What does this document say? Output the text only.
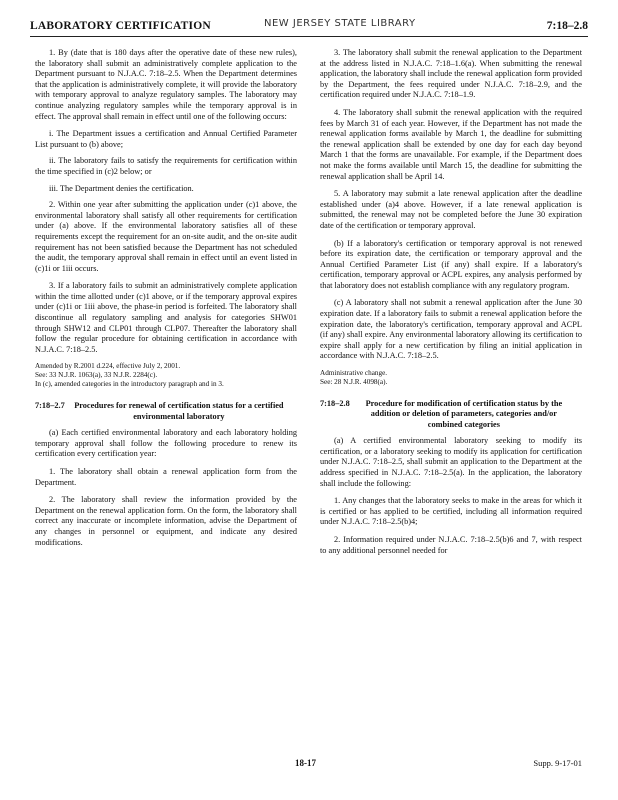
LABORATORY CERTIFICATION	NEW JERSEY STATE LIBRARY	7:18–2.8

1. By (date that is 180 days after the operative date of these new rules), the laboratory shall submit an administratively complete application to the Department pursuant to N.J.A.C. 7:18–2.5. When the Department determines that the application is administratively complete, it will provide the laboratory with temporary approval to analyze regulatory samples. The laboratory may continue analyzing regulatory samples while the temporary approval is in effect. The approval shall remain in effect until one of the following occurs:

i. The Department issues a certification and Annual Certified Parameter List pursuant to (b) above;

ii. The laboratory fails to satisfy the requirements for certification within the time specified in (c)2 below; or

iii. The Department denies the certification.

2. Within one year after submitting the application under (c)1 above, the environmental laboratory shall satisfy all other requirements for certification under (a) above. If the environmental laboratory satisfies all of these requirements except the requirement for an on-site audit, and the on-site audit requirement has not been satisfied because the Department has not scheduled the audit, the temporary approval shall remain in effect until an event listed in (c)1i or 1iii occurs.

3. If a laboratory fails to submit an administratively complete application within the time allotted under (c)1 above, or if the temporary approval expires under (c)1i or 1iii above, the phase-in period is forfeited. The laboratory shall discontinue all regulatory sampling and analysis for categories SHW01 through SHW12 and CLP01 through CLP07. Thereafter the laboratory shall follow the regular procedure for obtaining certification in accordance with N.J.A.C. 7:18–2.5.

Amended by R.2001 d.224, effective July 2, 2001.
See: 33 N.J.R. 1063(a), 33 N.J.R. 2284(c).
In (c), amended categories in the introductory paragraph and in 3.
7:18–2.7	Procedures for renewal of certification status for a certified environmental laboratory

(a) Each certified environmental laboratory and each laboratory holding temporary approval shall follow the following procedure to renew its certification every certification year:

1. The laboratory shall obtain a renewal application form from the Department.

2. The laboratory shall review the information provided by the Department on the renewal application form. On the form, the laboratory shall correct any inaccurate or incomplete information, advise the Department of any changes in personnel or equipment, and indicate any desired modifications.

3. The laboratory shall submit the renewal application to the Department at the address listed in N.J.A.C. 7:18–1.6(a). When submitting the renewal application, the laboratory shall include the renewal application form provided by the Department, the fees required under N.J.A.C. 7:18–2.9, and the certification required under N.J.A.C. 7:18–1.9.

4. The laboratory shall submit the renewal application with the required fees by March 31 of each year. However, if the Department has not made the renewal application forms available by March 1, the deadline for submitting the renewal application shall be extended by one day for each day beyond March 1 that the forms are unavailable. For example, if the Department does not make the forms available until March 15, the deadline for submitting the renewal application shall be April 14.

5. A laboratory may submit a late renewal application after the deadline established under (a)4 above. However, if a late renewal application is submitted, the renewal may not be completed before the June 30 expiration date of the certification or temporary approval.

(b) If a laboratory's certification or temporary approval is not renewed before its expiration date, the certification or temporary approval and the Annual Certified Parameter List (if any) shall expire. If a laboratory's certification, temporary approval or ACPL expires, any analysis performed by that laboratory does not establish compliance with any regulatory program.

(c) A laboratory shall not submit a renewal application after the June 30 expiration date. If a laboratory fails to submit a renewal application before the expiration date, the laboratory's certification, temporary approval and ACPL (if any) shall expire. Any environmental laboratory allowing its certification to expire shall apply for a new certification by filing an initial application in accordance with N.J.A.C. 7:18–2.5.

Administrative change.
See: 28 N.J.R. 4098(a).
7:18–2.8	Procedure for modification of certification status by the addition or deletion of parameters, categories and/or combined categories

(a) A certified environmental laboratory seeking to modify its certification, or a laboratory seeking to modify its application for certification under N.J.A.C. 7:18–2.5, shall submit an application to the Department at the address specified in N.J.A.C. 7:18–2.5(a). In the application, the laboratory shall include the following:

1. Any changes that the laboratory seeks to make in the areas for which it is certified or has applied to be certified, including all information required under N.J.A.C. 7:18–2.5(b)4;

2. Information required under N.J.A.C. 7:18–2.5(b)6 and 7, with respect to any additional personnel needed for

18-17	Supp. 9-17-01
